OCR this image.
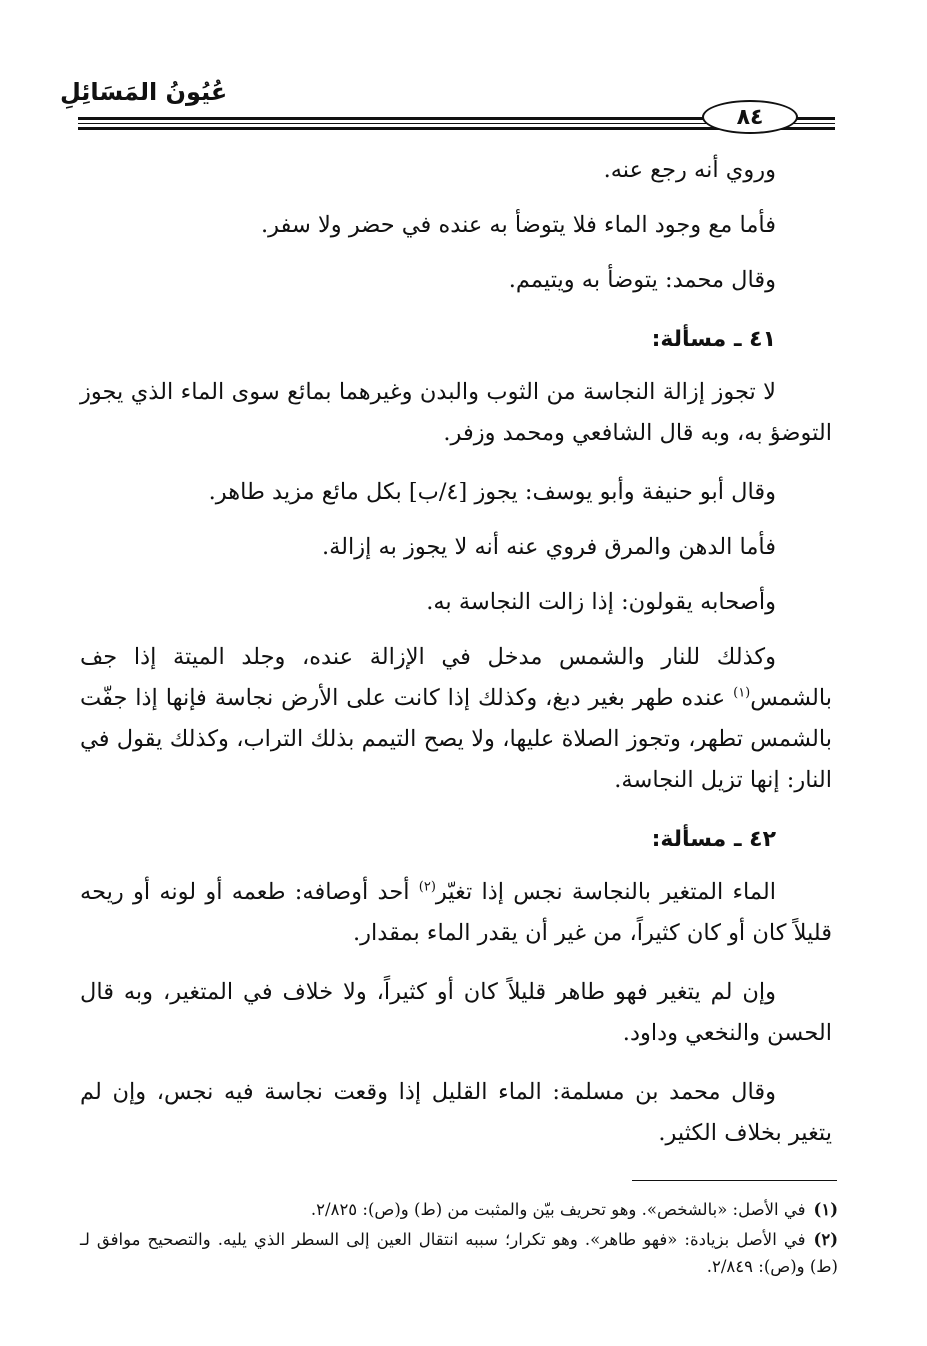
عُيُونُ المَسَائِلِ
٨٤

وروي أنه رجع عنه.

فأما مع وجود الماء فلا يتوضأ به عنده في حضر ولا سفر.

وقال محمد: يتوضأ به ويتيمم.

٤١ ـ مسألة:

لا تجوز إزالة النجاسة من الثوب والبدن وغيرهما بمائع سوى الماء الذي يجوز التوضؤ به، وبه قال الشافعي ومحمد وزفر.

وقال أبو حنيفة وأبو يوسف: يجوز [٤/ب] بكل مائع مزيد طاهر.

فأما الدهن والمرق فروي عنه أنه لا يجوز به إزالة.

وأصحابه يقولون: إذا زالت النجاسة به.

وكذلك للنار والشمس مدخل في الإزالة عنده، وجلد الميتة إذا جف بالشمس$^{(١)}$ عنده طهر بغير دبغ، وكذلك إذا كانت على الأرض نجاسة فإنها إذا جفّت بالشمس تطهر، وتجوز الصلاة عليها، ولا يصح التيمم بذلك التراب، وكذلك يقول في النار: إنها تزيل النجاسة.

٤٢ ـ مسألة:

الماء المتغير بالنجاسة نجس إذا تغيّر$^{(٢)}$ أحد أوصافه: طعمه أو لونه أو ريحه قليلاً كان أو كان كثيراً، من غير أن يقدر الماء بمقدار.

وإن لم يتغير فهو طاهر قليلاً كان أو كثيراً، ولا خلاف في المتغير، وبه قال الحسن والنخعي وداود.

وقال محمد بن مسلمة: الماء القليل إذا وقعت نجاسة فيه نجس، وإن لم يتغير بخلاف الكثير.

(١)في الأصل: «بالشخص». وهو تحريف بيّن والمثبت من (ط) و(ص): ٢/٨٢٥.
(٢)في الأصل بزيادة: «فهو طاهر». وهو تكرار؛ سببه انتقال العين إلى السطر الذي يليه. والتصحيح موافق لـ (ط) و(ص): ٢/٨٤٩.
